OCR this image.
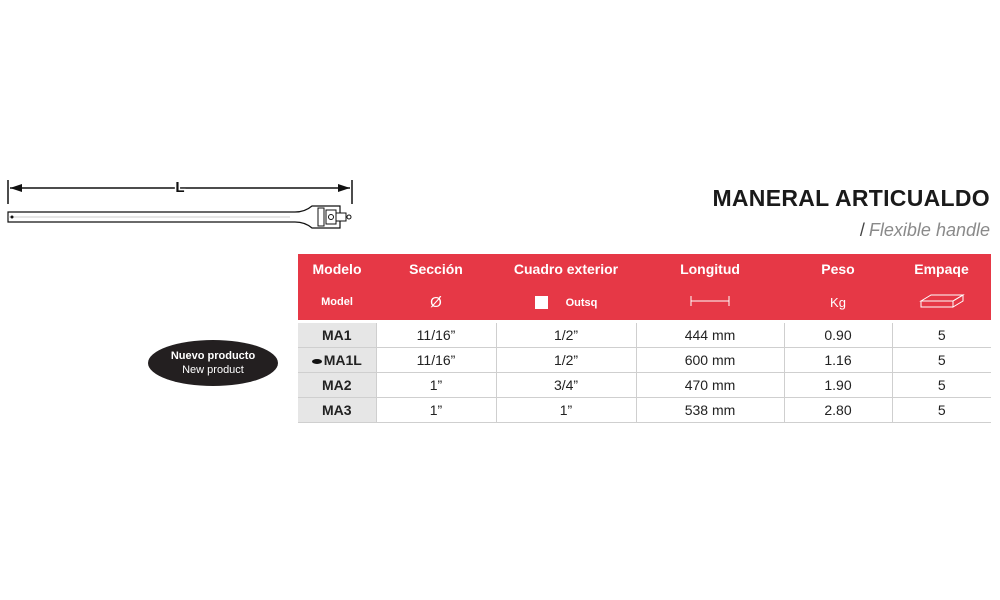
L	MANERAL ARTICUALDO
/ Flexible handle
Nuevo producto
New product
Modelo	Sección	Cuadro exterior	Longitud	Peso	Empaqe
Model	Ø	Outsq		Kg	
MA1	11/16”	1/2”	444 mm	0.90	5
MA1L	11/16”	1/2”	600 mm	1.16	5
MA2	1”	3/4”	470 mm	1.90	5
MA3	1”	1”	538 mm	2.80	5
